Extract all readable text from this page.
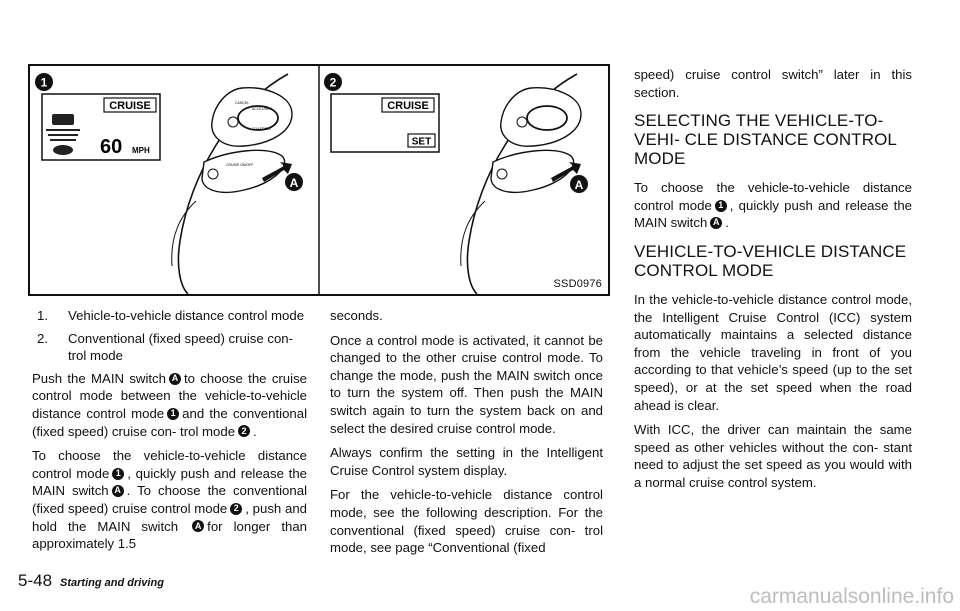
1
CRUISE
60 MPH
A
CANCEL
ACCEL/RES
COAST/SET
CRUISE ON/OFF
2
CRUISE
SET
A
SSD0976
1. Vehicle-to-vehicle distance control mode
2. Conventional (fixed speed) cruise con- trol mode

Push the MAIN switch A to choose the cruise control mode between the vehicle-to-vehicle distance control mode 1 and the conventional (fixed speed) cruise con- trol mode 2 .

To choose the vehicle-to-vehicle distance control mode 1 , quickly push and release the MAIN switch A . To choose the conventional (fixed speed) cruise control mode 2 , push and hold the MAIN switch A for longer than approximately 1.5

seconds.

Once a control mode is activated, it cannot be changed to the other cruise control mode. To change the mode, push the MAIN switch once to turn the system off. Then push the MAIN switch again to turn the system back on and select the desired cruise control mode.

Always confirm the setting in the Intelligent Cruise Control system display.

For the vehicle-to-vehicle distance control mode, see the following description. For the conventional (fixed speed) cruise con- trol mode, see page “Conventional (fixed

speed) cruise control switch” later in this section.

SELECTING THE VEHICLE-TO-VEHI- CLE DISTANCE CONTROL MODE

To choose the vehicle-to-vehicle distance control mode 1 , quickly push and release the MAIN switch A .

VEHICLE-TO-VEHICLE DISTANCE CONTROL MODE

In the vehicle-to-vehicle distance control mode, the Intelligent Cruise Control (ICC) system automatically maintains a selected distance from the vehicle traveling in front of you according to that vehicle’s speed (up to the set speed), or at the set speed when the road ahead is clear.

With ICC, the driver can maintain the same speed as other vehicles without the con- stant need to adjust the set speed as you would with a normal cruise control system.

5-48 Starting and driving
carmanualsonline.info
